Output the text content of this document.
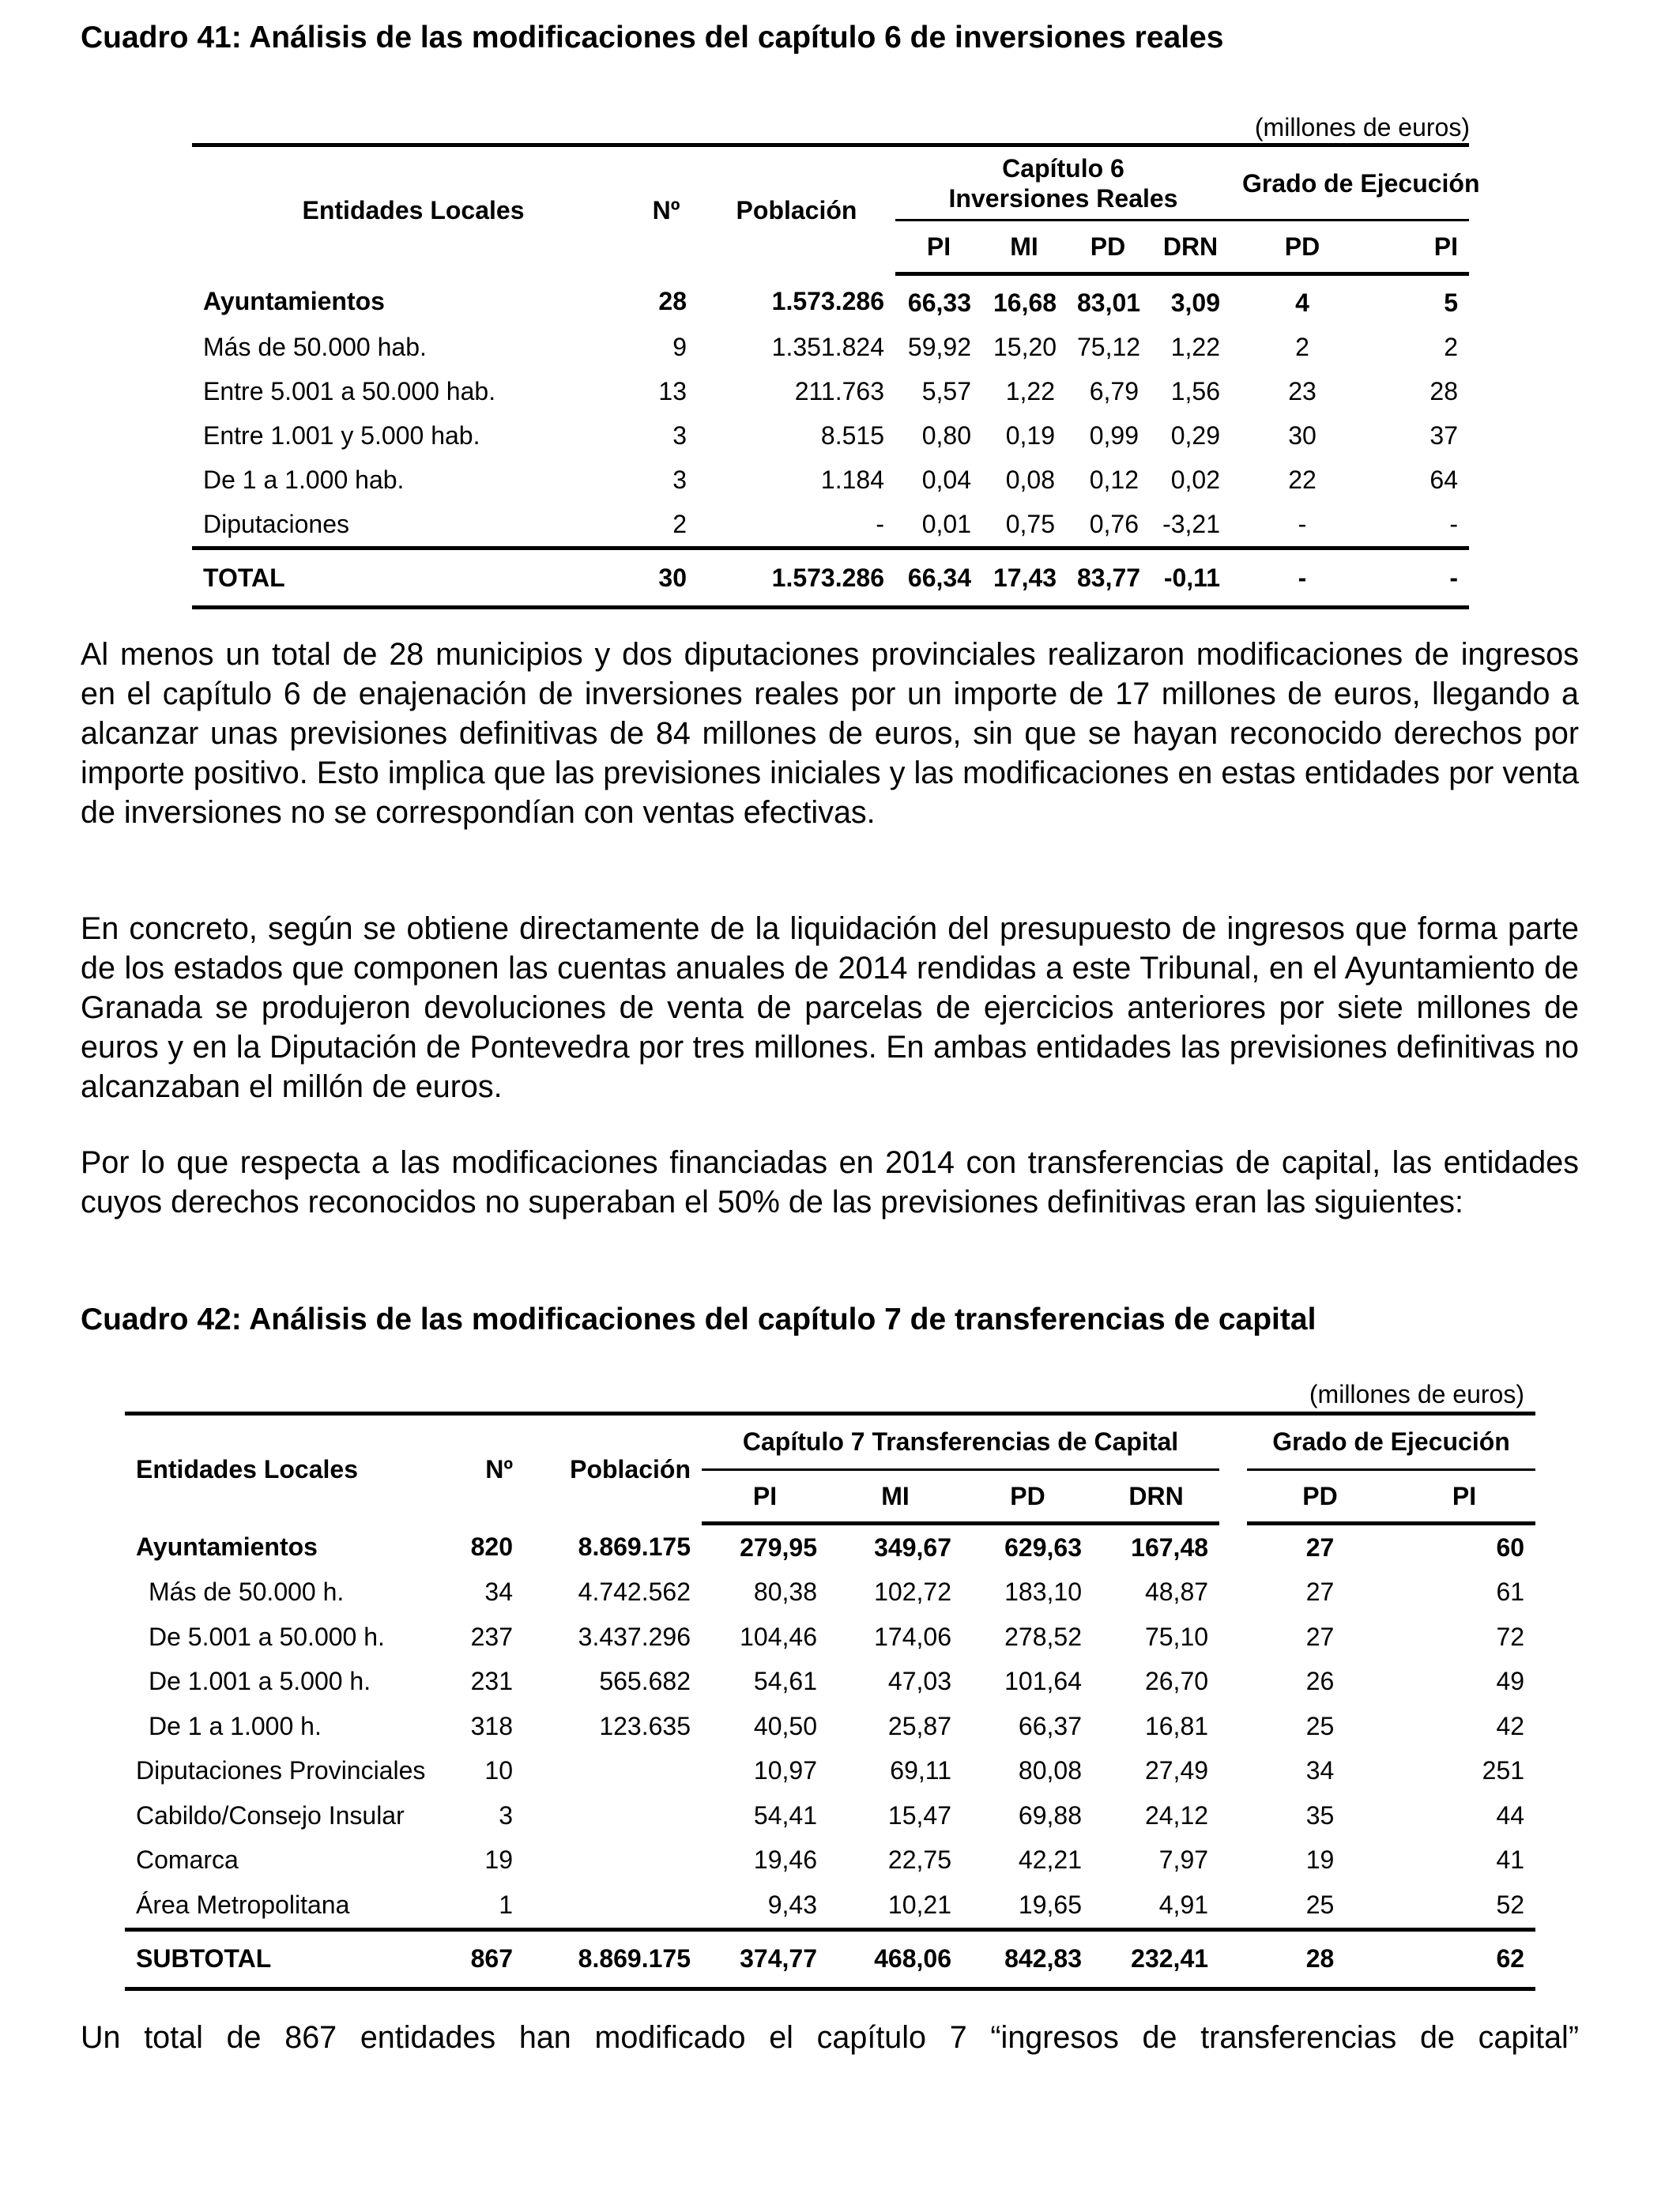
Cuadro 41: Análisis de las modificaciones del capítulo 6 de inversiones reales

(millones de euros)

Entidades Locales	Nº	Población	Capítulo 6 Inversiones Reales				Grado de Ejecución	
			PI	MI	PD	DRN	PD	PI
Ayuntamientos	28	1.573.286	66,33	16,68	83,01	3,09	4	5
Más de 50.000 hab.	9	1.351.824	59,92	15,20	75,12	1,22	2	2
Entre 5.001 a 50.000 hab.	13	211.763	5,57	1,22	6,79	1,56	23	28
Entre 1.001 y 5.000 hab.	3	8.515	0,80	0,19	0,99	0,29	30	37
De 1 a 1.000 hab.	3	1.184	0,04	0,08	0,12	0,02	22	64
Diputaciones	2	-	0,01	0,75	0,76	-3,21	-	-
TOTAL	30	1.573.286	66,34	17,43	83,77	-0,11	-	-

Al menos un total de 28 municipios y dos diputaciones provinciales realizaron modificaciones de ingresos en el capítulo 6 de enajenación de inversiones reales por un importe de 17 millones de euros, llegando a alcanzar unas previsiones definitivas de 84 millones de euros, sin que se hayan reconocido derechos por importe positivo. Esto implica que las previsiones iniciales y las modificaciones en estas entidades por venta de inversiones no se correspondían con ventas efectivas.

En concreto, según se obtiene directamente de la liquidación del presupuesto de ingresos que forma parte de los estados que componen las cuentas anuales de 2014 rendidas a este Tribunal, en el Ayuntamiento de Granada se produjeron devoluciones de venta de parcelas de ejercicios anteriores por siete millones de euros y en la Diputación de Pontevedra por tres millones. En ambas entidades las previsiones definitivas no alcanzaban el millón de euros.

Por lo que respecta a las modificaciones financiadas en 2014 con transferencias de capital, las entidades cuyos derechos reconocidos no superaban el 50% de las previsiones definitivas eran las siguientes:

Cuadro 42: Análisis de las modificaciones del capítulo 7 de transferencias de capital

(millones de euros)

Entidades Locales	Nº	Población	Capítulo 7 Transferencias de Capital					Grado de Ejecución	
			PI	MI	PD	DRN		PD	PI
Ayuntamientos	820	8.869.175	279,95	349,67	629,63	167,48		27	60
Más de 50.000 h.	34	4.742.562	80,38	102,72	183,10	48,87		27	61
De 5.001 a 50.000 h.	237	3.437.296	104,46	174,06	278,52	75,10		27	72
De 1.001 a 5.000 h.	231	565.682	54,61	47,03	101,64	26,70		26	49
De 1 a 1.000 h.	318	123.635	40,50	25,87	66,37	16,81		25	42
Diputaciones Provinciales	10		10,97	69,11	80,08	27,49		34	251
Cabildo/Consejo Insular	3		54,41	15,47	69,88	24,12		35	44
Comarca	19		19,46	22,75	42,21	7,97		19	41
Área Metropolitana	1		9,43	10,21	19,65	4,91		25	52
SUBTOTAL	867	8.869.175	374,77	468,06	842,83	232,41		28	62

Un total de 867 entidades han modificado el capítulo 7 “ingresos de transferencias de capital”
